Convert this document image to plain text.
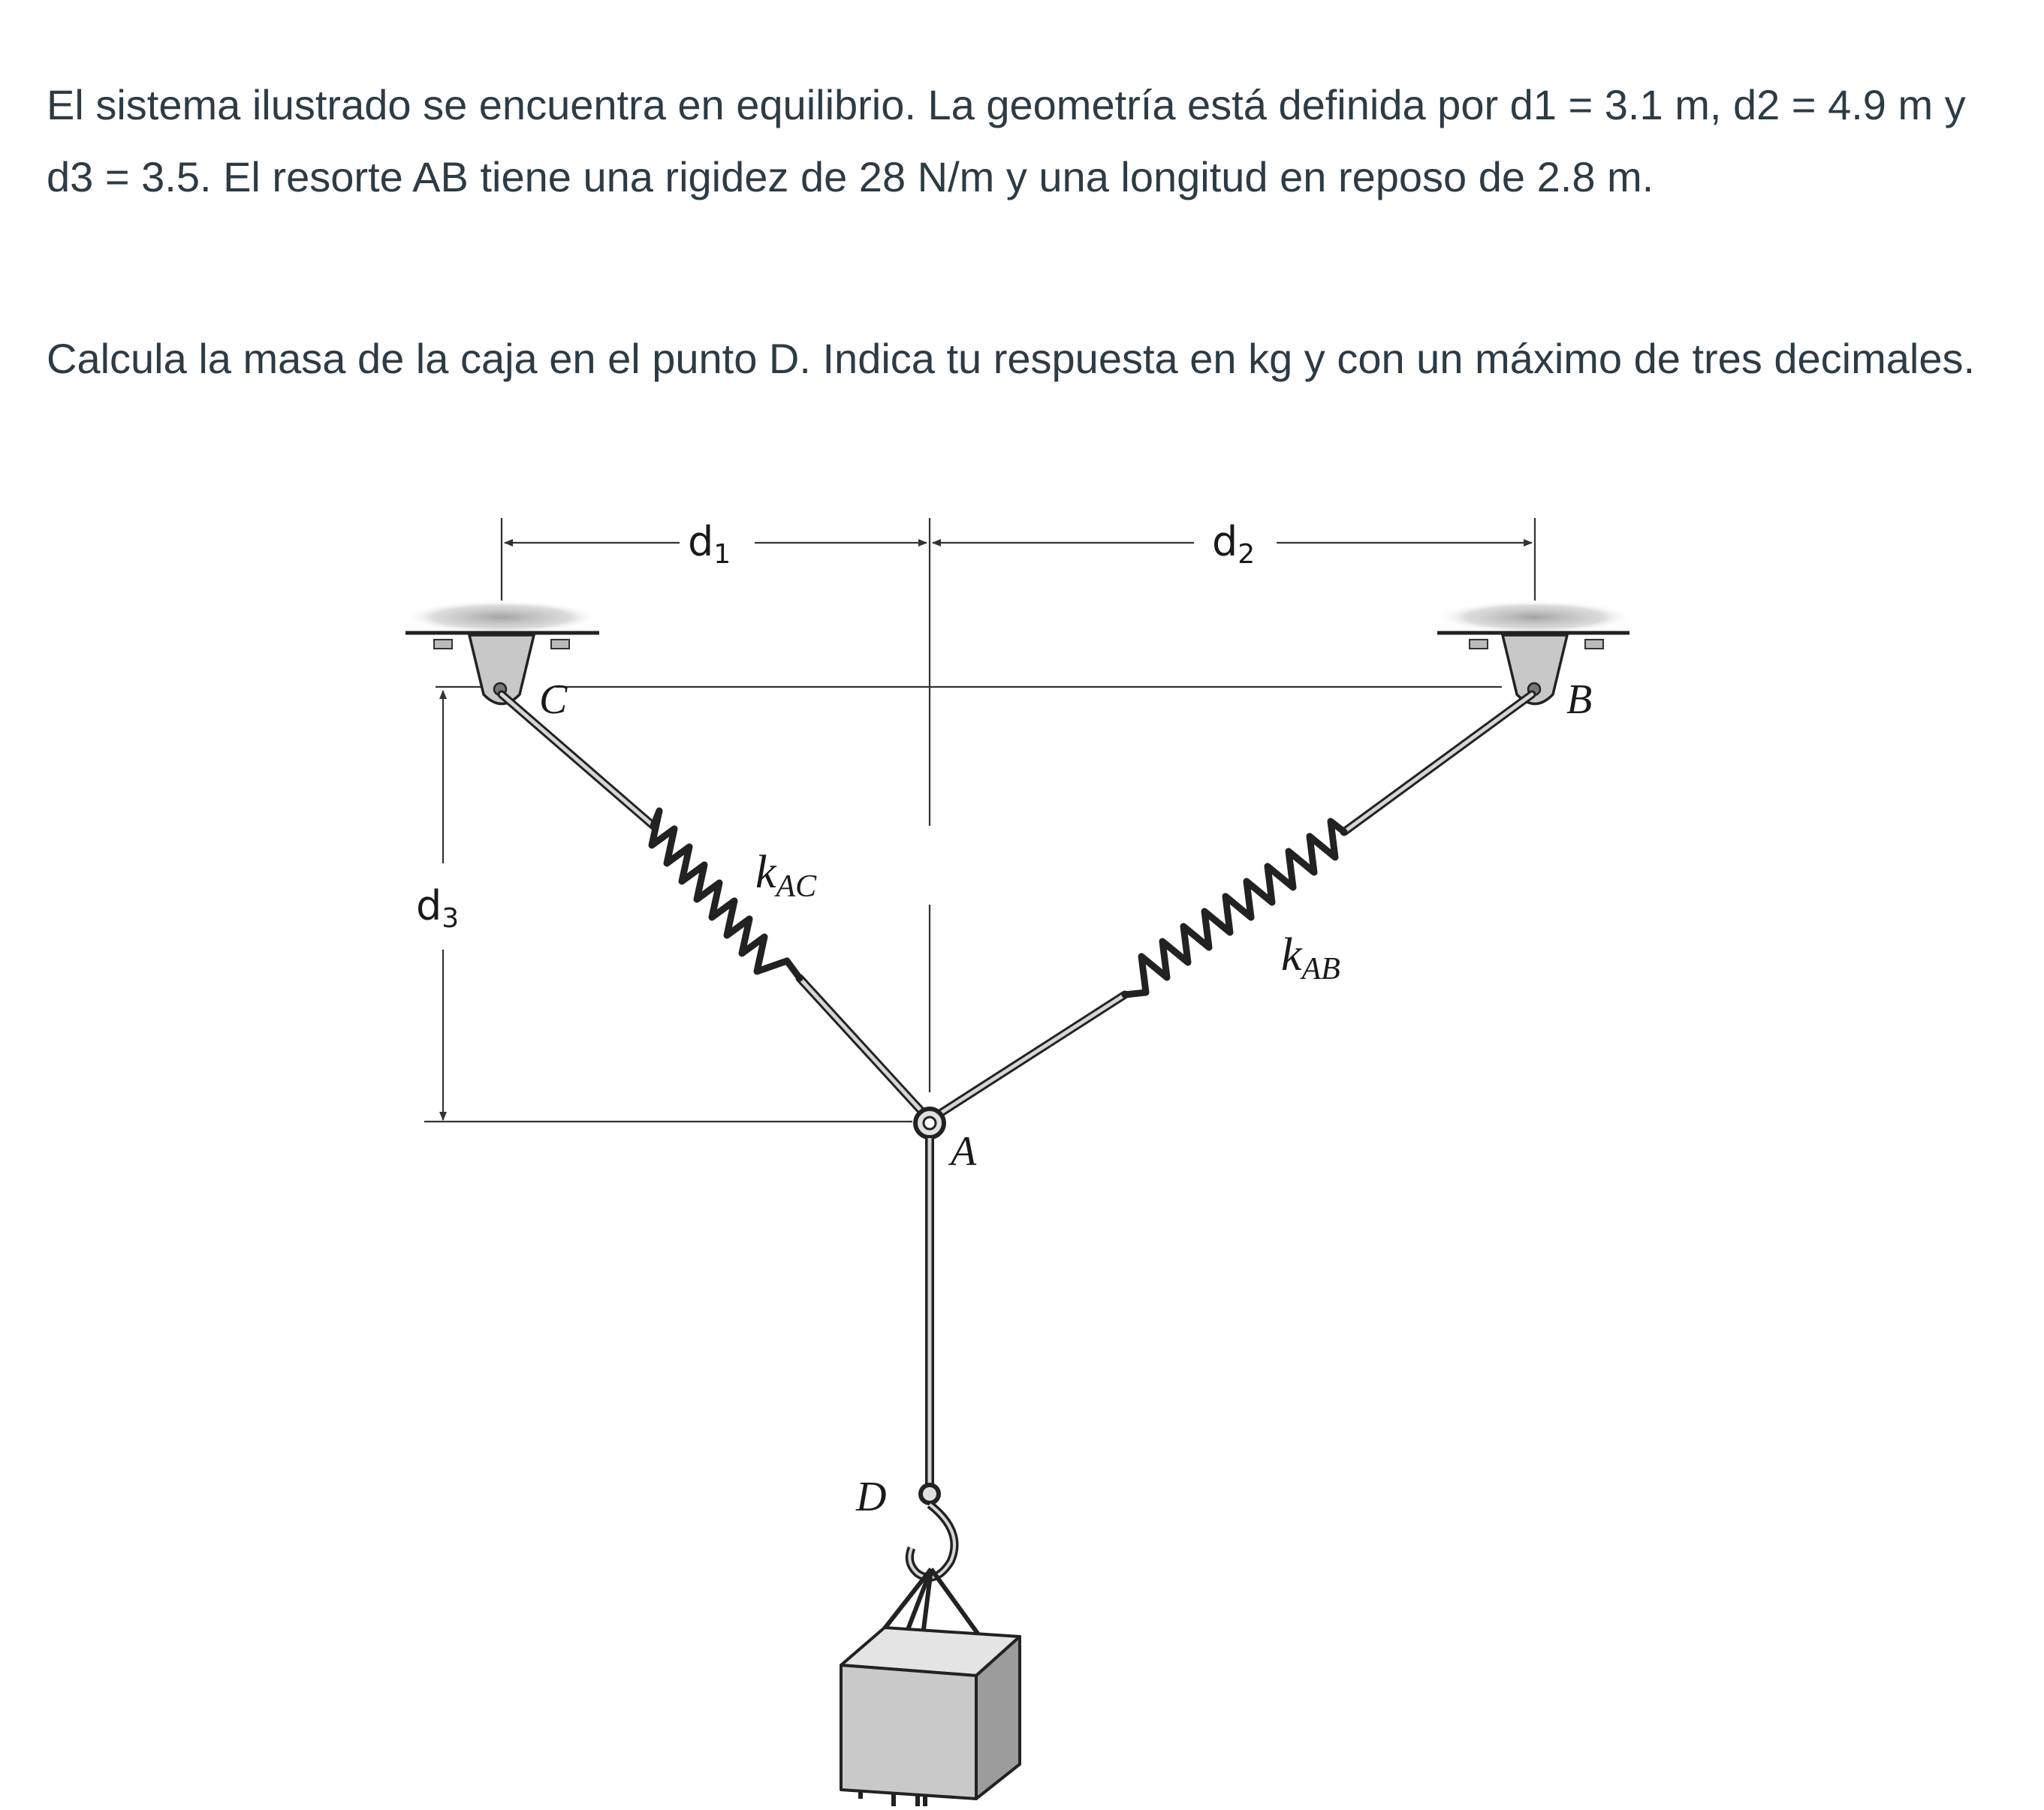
El sistema ilustrado se encuentra en equilibrio. La geometría está definida por d1 = 3.1 m, d2 = 4.9 m y d3 = 3.5. El resorte AB tiene una rigidez de 28 N/m y una longitud en reposo de 2.8 m.

Calcula la masa de la caja en el punto D. Indica tu respuesta en kg y con un máximo de tres decimales.

d1	d2
d3
C	B
A
D
kAC
kAB
